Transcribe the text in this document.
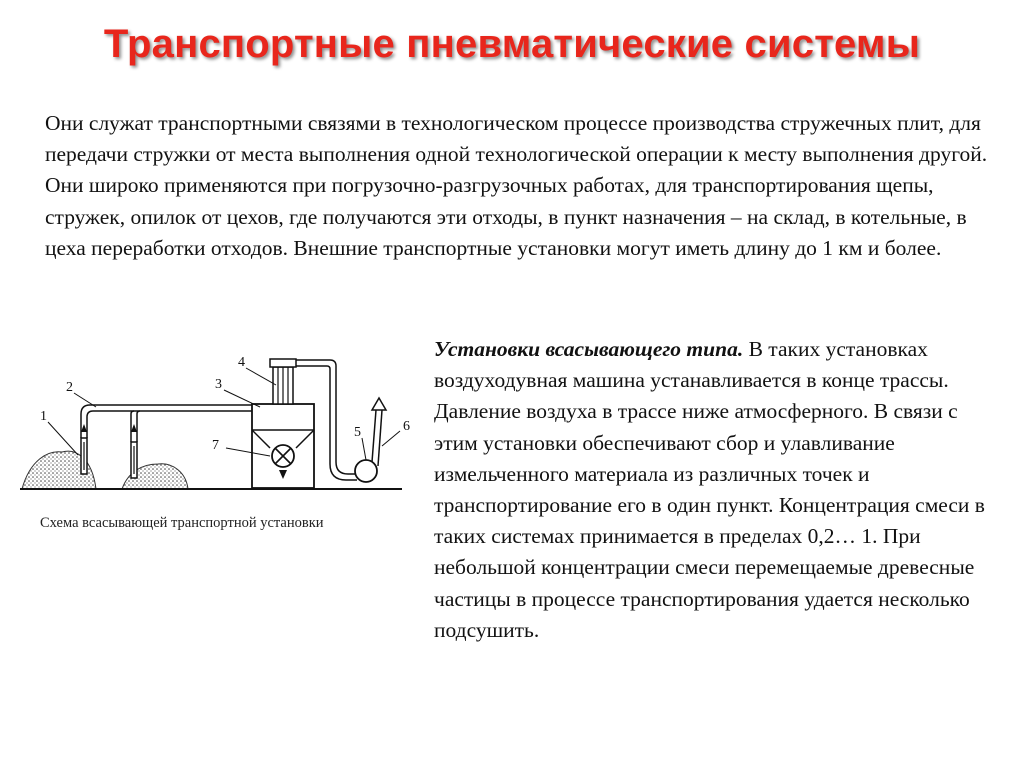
Транспортные пневматические системы

Они служат транспортными связями в технологическом процессе производства стружечных плит, для передачи стружки от места выполнения одной технологической операции к месту выполнения другой. Они широко применяются при погрузочно-разгрузочных работах, для транспортирования щепы, стружек, опилок от цехов, где получаются эти отходы, в пункт назначения – на склад, в котельные, в цеха переработки отходов. Внешние транспортные установки могут иметь длину до 1 км и более.

1
2	3
4
5	6
7
Схема всасывающей транспортной установки

Установки всасывающего типа. В таких установках воздуходувная машина устанавливается в конце трассы. Давление воздуха в трассе ниже атмосферного. В связи с этим установки обеспечивают сбор и улавливание измельченного материала из различных точек и транспортирование его в один пункт. Концентрация смеси в таких системах принимается в пределах 0,2… 1. При небольшой концентрации смеси перемещаемые древесные частицы в процессе транспортирования удается несколько подсушить.
